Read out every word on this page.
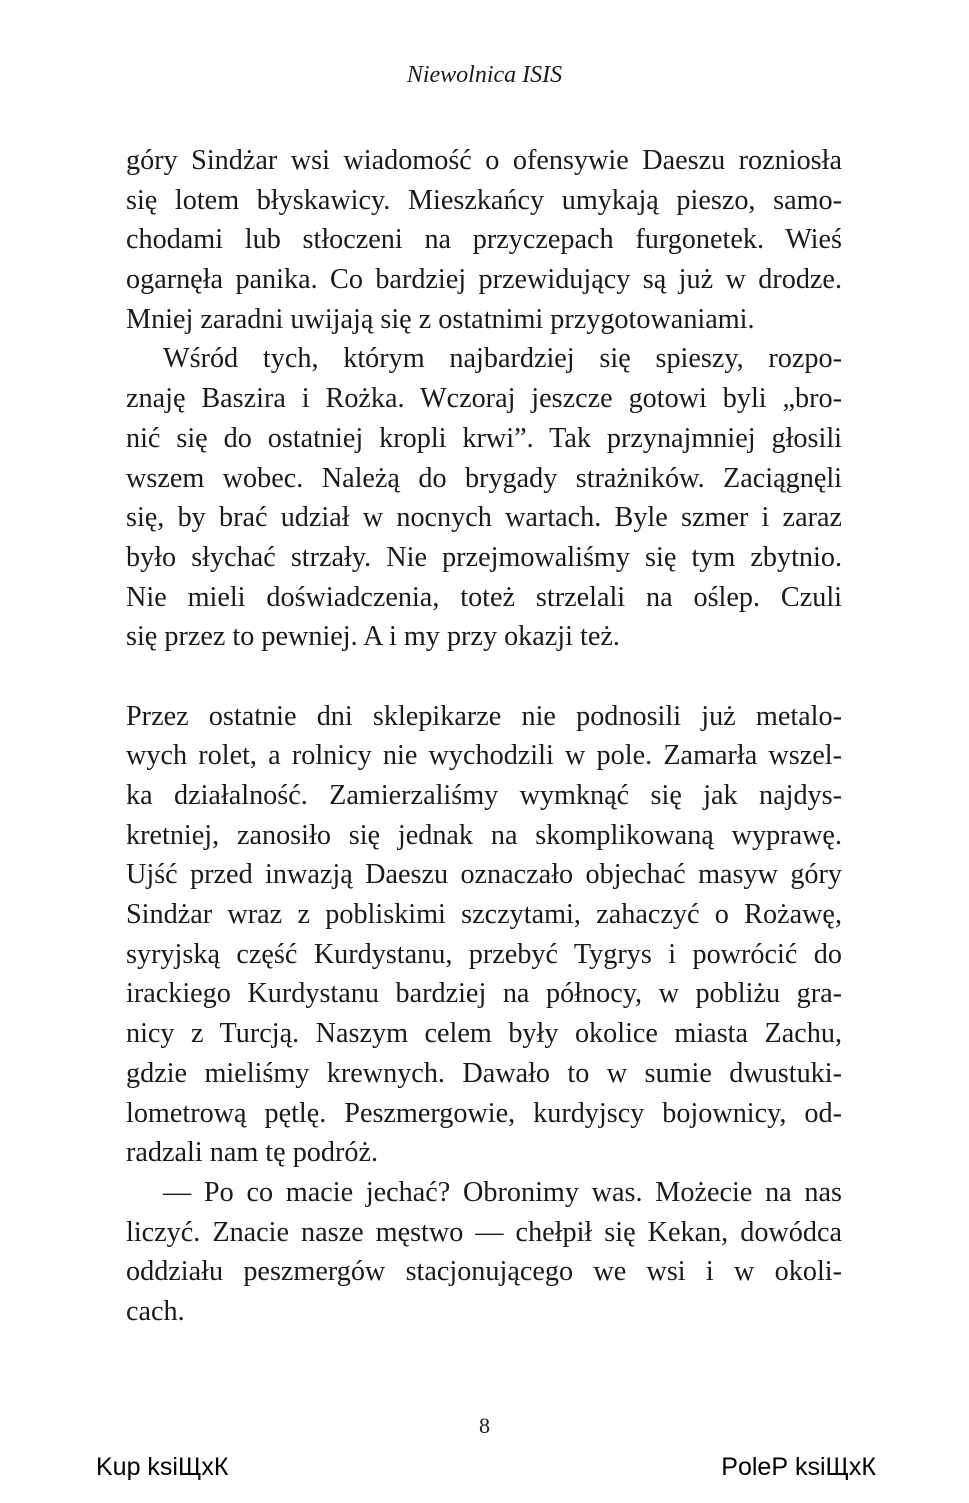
Niewolnica ISIS
góry Sindżar wsi wiadomość o ofensywie Daeszu rozniosła
się lotem błyskawicy. Mieszkańcy umykają pieszo, samo-
chodami lub stłoczeni na przyczepach furgonetek. Wieś
ogarnęła panika. Co bardziej przewidujący są już w drodze.
Mniej zaradni uwijają się z ostatnimi przygotowaniami.
Wśród tych, którym najbardziej się spieszy, rozpo-
znaję Baszira i Rożka. Wczoraj jeszcze gotowi byli „bro-
nić się do ostatniej kropli krwi”. Tak przynajmniej głosili
wszem wobec. Należą do brygady strażników. Zaciągnęli
się, by brać udział w nocnych wartach. Byle szmer i zaraz
było słychać strzały. Nie przejmowaliśmy się tym zbytnio.
Nie mieli doświadczenia, toteż strzelali na oślep. Czuli
się przez to pewniej. A i my przy okazji też.
Przez ostatnie dni sklepikarze nie podnosili już metalo-
wych rolet, a rolnicy nie wychodzili w pole. Zamarła wszel-
ka działalność. Zamierzaliśmy wymknąć się jak najdys-
kretniej, zanosiło się jednak na skomplikowaną wyprawę.
Ujść przed inwazją Daeszu oznaczało objechać masyw góry
Sindżar wraz z pobliskimi szczytami, zahaczyć o Rożawę,
syryjską część Kurdystanu, przebyć Tygrys i powrócić do
irackiego Kurdystanu bardziej na północy, w pobliżu gra-
nicy z Turcją. Naszym celem były okolice miasta Zachu,
gdzie mieliśmy krewnych. Dawało to w sumie dwustuki-
lometrową pętlę. Peszmergowie, kurdyjscy bojownicy, od-
radzali nam tę podróż.
— Po co macie jechać? Obronimy was. Możecie na nas
liczyć. Znacie nasze męstwo — chełpił się Kekan, dowódca
oddziału peszmergów stacjonującego we wsi i w okoli-
cach.
8
Kup ksiЩхК	PoleР ksiЩхК
